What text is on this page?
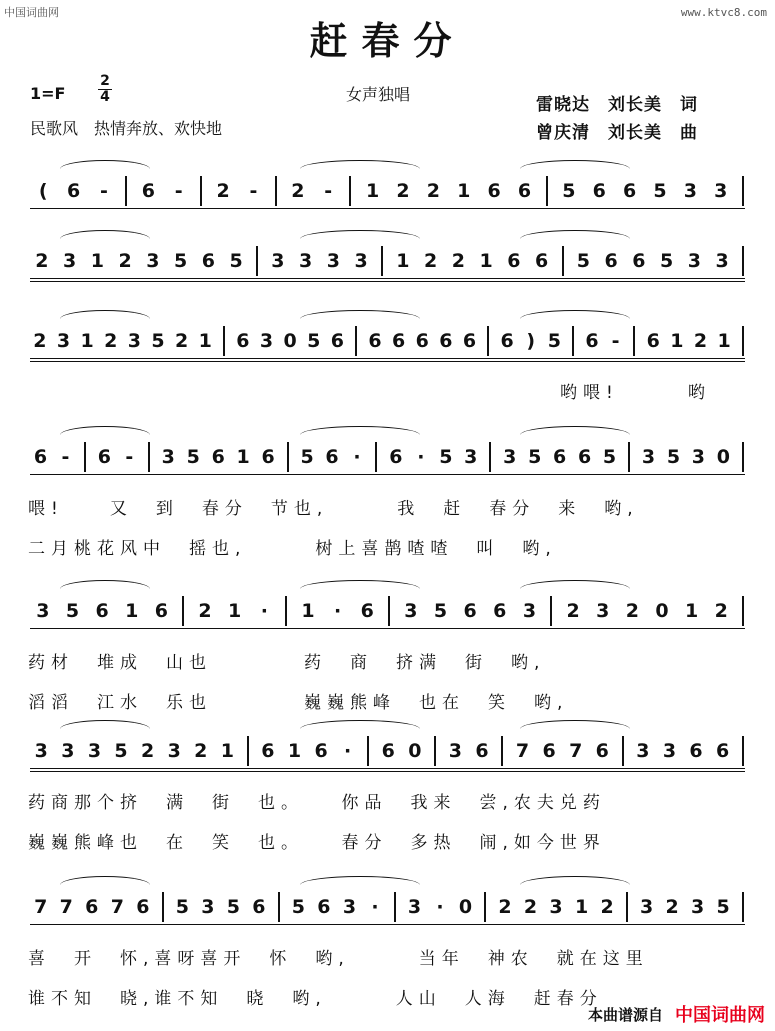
中国词曲网	www.ktvc8.com
赶春分
1=F
2
4	女声独唱
民歌风　热情奔放、欢快地
雷晓达　刘长美　词
曾庆清　刘长美　曲
(	6	-	6	-	2	-	2	-	1 2 2 1 6 6	5 6 6 5 3 3
2 3 1 2 3 5 6 5	3 3 3 3	1 2 2 1 6 6	5 6 6 5 3 3
2 3 1 2 3 5 2 1 6 3 0 5 6 6 6 6 6 6 6 ) 5 6 -	6 1 2 1
哟喂!　　　哟
6 -	6 -	3 5 6 1 6	5 6 ·	6 · 5 3	3 5 6 6 5	3 5 3 0
喂!　　又　到　春分　节也,　　　我　赶　春分　来　哟,
二月桃花风中　摇也,　　　树上喜鹊喳喳　叫　哟,
3 5 6 1 6	2 1	·	1	·	6	3 5 6 6 3	2 3 2 0 1 2
药材　堆成　山也　　　　药　商　挤满　街　哟,
滔滔　江水　乐也　　　　巍巍熊峰　也在　笑　哟,
3 3 3 5 2 3 2 1	6 1 6 ·	6 0	3 6	7 6 7 6	3 3 6 6
药商那个挤　满　街　也。　　你品　我来　尝,农夫兑药
巍巍熊峰也　在　笑　也。　　春分　多热　闹,如今世界
7 7 6 7 6	5 3 5 6	5 6 3 ·	3 · 0	2 2 3 1 2	3 2 3 5
喜　开　怀,喜呀喜开　怀　哟,　　　当年　神农　就在这里
谁不知　晓,谁不知　晓　哟,　　　人山　人海　赶春分
本曲谱源自 中国词曲网
